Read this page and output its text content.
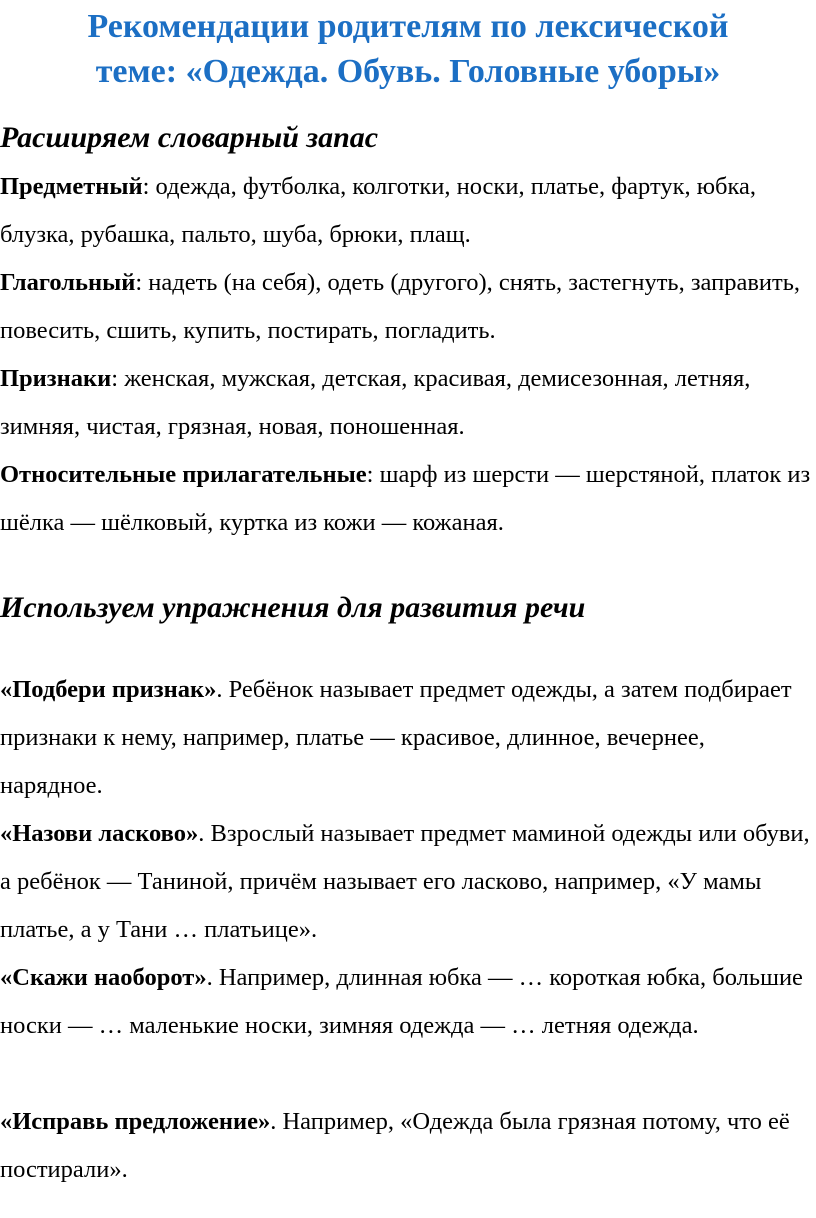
Рекомендации родителям по лексической
теме: «Одежда. Обувь. Головные уборы»
Расширяем словарный запас
Предметный: одежда, футболка, колготки, носки, платье, фартук, юбка, блузка, рубашка, пальто, шуба, брюки, плащ.
Глагольный: надеть (на себя), одеть (другого), снять, застегнуть, заправить, повесить, сшить, купить, постирать, погладить.
Признаки: женская, мужская, детская, красивая, демисезонная, летняя, зимняя, чистая, грязная, новая, поношенная.
Относительные прилагательные: шарф из шерсти — шерстяной, платок из шёлка — шёлковый, куртка из кожи — кожаная.
Используем упражнения для развития речи
«Подбери признак». Ребёнок называет предмет одежды, а затем подбирает признаки к нему, например, платье — красивое, длинное, вечернее, нарядное.
«Назови ласково». Взрослый называет предмет маминой одежды или обуви, а ребёнок — Таниной, причём называет его ласково, например, «У мамы платье, а у Тани … платьице».
«Скажи наоборот». Например, длинная юбка — … короткая юбка, большие носки — … маленькие носки, зимняя одежда — … летняя одежда.
«Исправь предложение». Например, «Одежда была грязная потому, что её постирали».
